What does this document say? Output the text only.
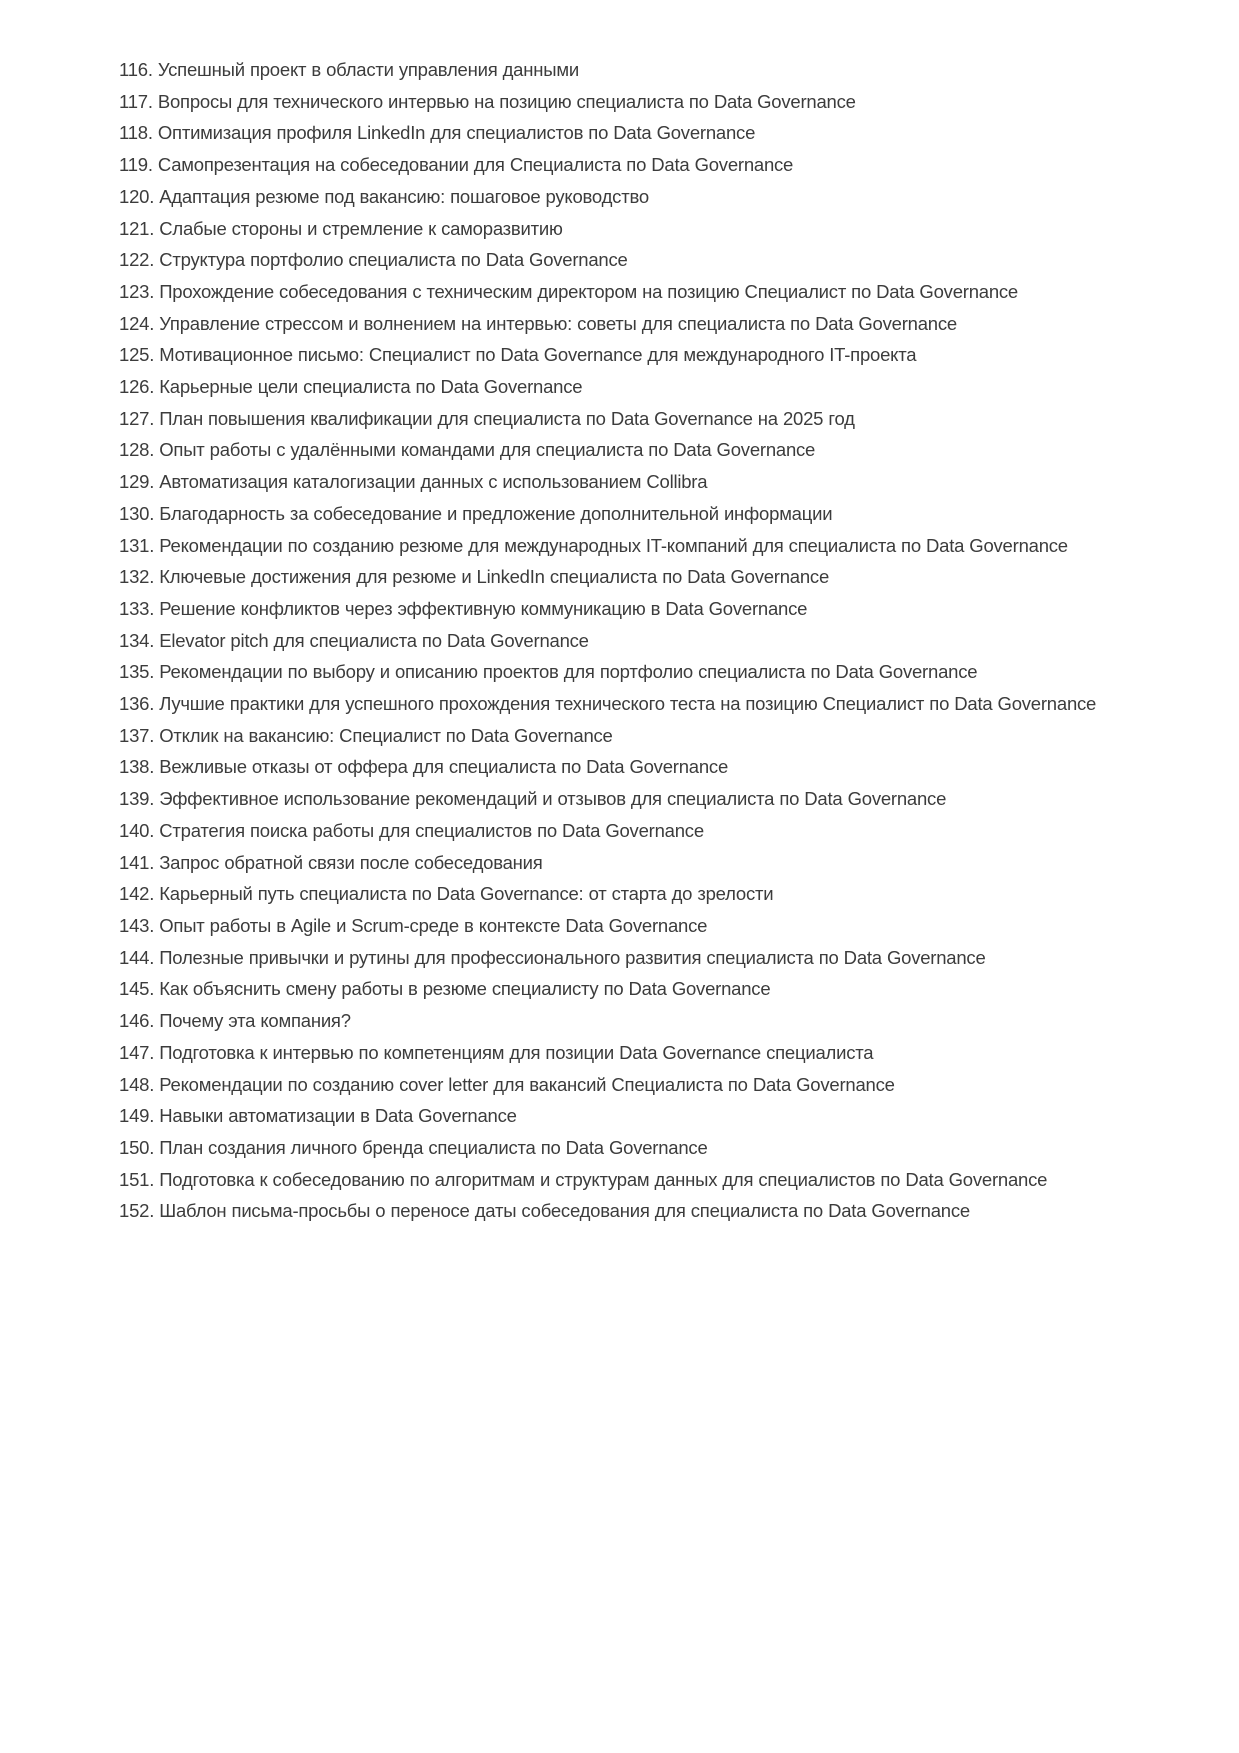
116. Успешный проект в области управления данными

117. Вопросы для технического интервью на позицию специалиста по Data Governance

118. Оптимизация профиля LinkedIn для специалистов по Data Governance

119. Самопрезентация на собеседовании для Специалиста по Data Governance

120. Адаптация резюме под вакансию: пошаговое руководство

121. Слабые стороны и стремление к саморазвитию

122. Структура портфолио специалиста по Data Governance

123. Прохождение собеседования с техническим директором на позицию Специалист по Data Governance

124. Управление стрессом и волнением на интервью: советы для специалиста по Data Governance

125. Мотивационное письмо: Специалист по Data Governance для международного IT-проекта

126. Карьерные цели специалиста по Data Governance

127. План повышения квалификации для специалиста по Data Governance на 2025 год

128. Опыт работы с удалёнными командами для специалиста по Data Governance

129. Автоматизация каталогизации данных с использованием Collibra

130. Благодарность за собеседование и предложение дополнительной информации

131. Рекомендации по созданию резюме для международных IT-компаний для специалиста по Data Governance

132. Ключевые достижения для резюме и LinkedIn специалиста по Data Governance

133. Решение конфликтов через эффективную коммуникацию в Data Governance

134. Elevator pitch для специалиста по Data Governance

135. Рекомендации по выбору и описанию проектов для портфолио специалиста по Data Governance

136. Лучшие практики для успешного прохождения технического теста на позицию Специалист по Data Governance

137. Отклик на вакансию: Специалист по Data Governance

138. Вежливые отказы от оффера для специалиста по Data Governance

139. Эффективное использование рекомендаций и отзывов для специалиста по Data Governance

140. Стратегия поиска работы для специалистов по Data Governance

141. Запрос обратной связи после собеседования

142. Карьерный путь специалиста по Data Governance: от старта до зрелости

143. Опыт работы в Agile и Scrum-среде в контексте Data Governance

144. Полезные привычки и рутины для профессионального развития специалиста по Data Governance

145. Как объяснить смену работы в резюме специалисту по Data Governance

146. Почему эта компания?

147. Подготовка к интервью по компетенциям для позиции Data Governance специалиста

148. Рекомендации по созданию cover letter для вакансий Специалиста по Data Governance

149. Навыки автоматизации в Data Governance

150. План создания личного бренда специалиста по Data Governance

151. Подготовка к собеседованию по алгоритмам и структурам данных для специалистов по Data Governance

152. Шаблон письма-просьбы о переносе даты собеседования для специалиста по Data Governance
